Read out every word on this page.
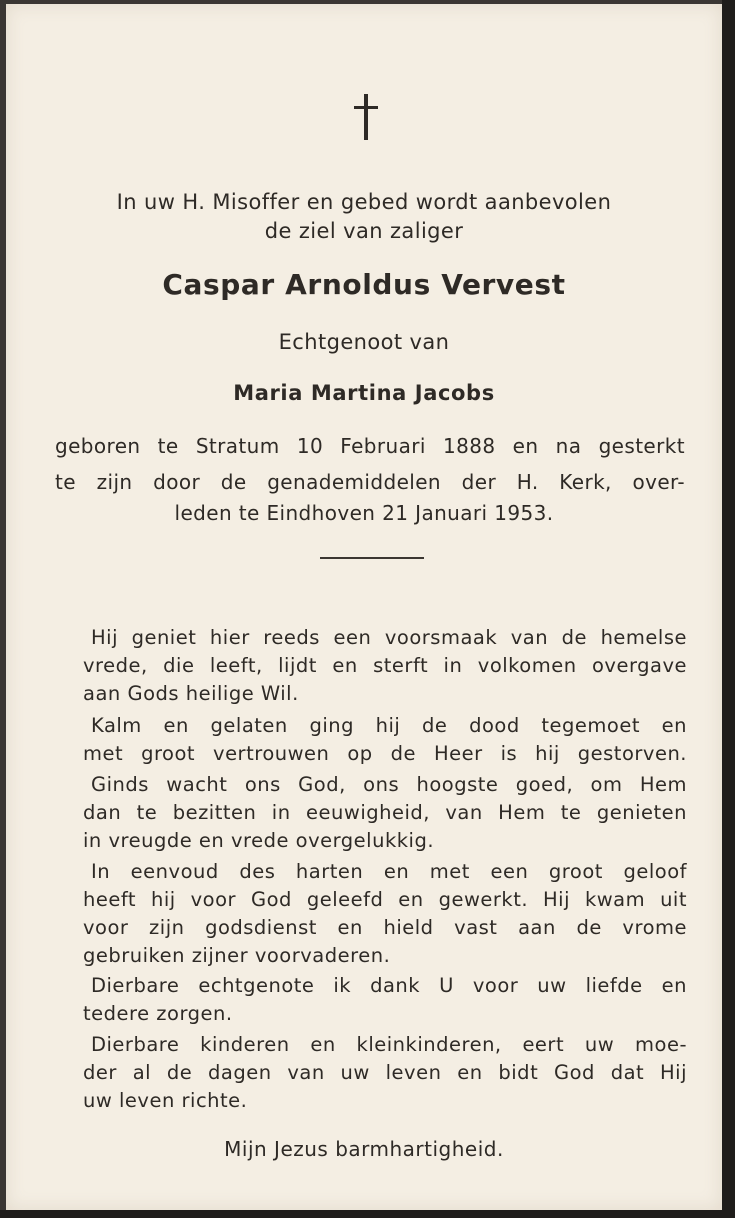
In uw H. Misoffer en gebed wordt aanbevolen
de ziel van zaliger
Caspar Arnoldus Vervest
Echtgenoot van
Maria Martina Jacobs
geboren te Stratum 10 Februari 1888 en na gesterkt
te zijn door de genademiddelen der H. Kerk, over-
leden te Eindhoven 21 Januari 1953.
Hij geniet hier reeds een voorsmaak van de hemelse
vrede, die leeft, lijdt en sterft in volkomen overgave
aan Gods heilige Wil.
Kalm en gelaten ging hij de dood tegemoet en
met groot vertrouwen op de Heer is hij gestorven.
Ginds wacht ons God, ons hoogste goed, om Hem
dan te bezitten in eeuwigheid, van Hem te genieten
in vreugde en vrede overgelukkig.
In eenvoud des harten en met een groot geloof
heeft hij voor God geleefd en gewerkt. Hij kwam uit
voor zijn godsdienst en hield vast aan de vrome
gebruiken zijner voorvaderen.
Dierbare echtgenote ik dank U voor uw liefde en
tedere zorgen.
Dierbare kinderen en kleinkinderen, eert uw moe-
der al de dagen van uw leven en bidt God dat Hij
uw leven richte.
Mijn Jezus barmhartigheid.
